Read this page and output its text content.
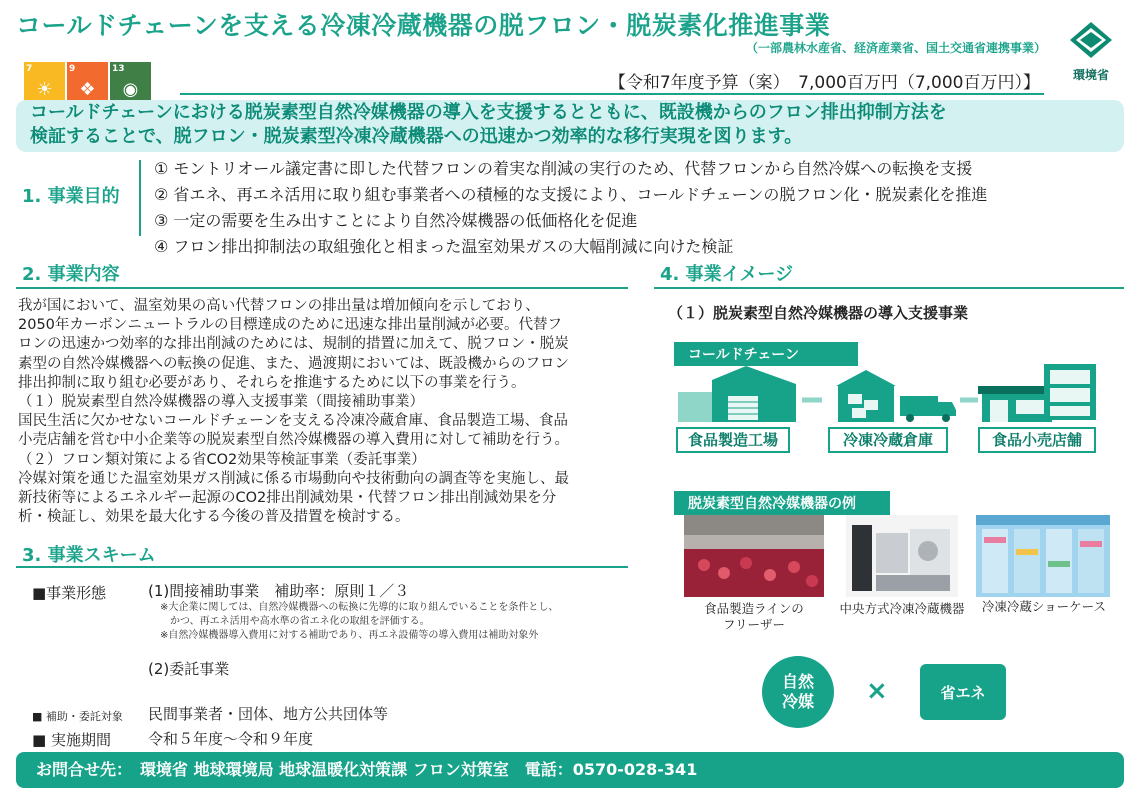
コールドチェーンを支える冷凍冷蔵機器の脱フロン・脱炭素化推進事業
（一部農林水産省、経済産業省、国土交通省連携事業）
環境省
7
☀
9
❖
13
◉	【令和7年度予算（案）　7,000百万円（7,000百万円）】
コールドチェーンにおける脱炭素型自然冷媒機器の導入を支援するとともに、既設機からのフロン排出抑制方法を
検証することで、脱フロン・脱炭素型冷凍冷蔵機器への迅速かつ効率的な移行実現を図ります。
1. 事業目的
① モントリオール議定書に即した代替フロンの着実な削減の実行のため、代替フロンから自然冷媒への転換を支援
② 省エネ、再エネ活用に取り組む事業者への積極的な支援により、コールドチェーンの脱フロン化・脱炭素化を推進
③ 一定の需要を生み出すことにより自然冷媒機器の低価格化を促進
④ フロン排出抑制法の取組強化と相まった温室効果ガスの大幅削減に向けた検証
2. 事業内容
我が国において、温室効果の高い代替フロンの排出量は増加傾向を示しており、
2050年カーボンニュートラルの目標達成のために迅速な排出量削減が必要。代替フ
ロンの迅速かつ効率的な排出削減のためには、規制的措置に加えて、脱フロン・脱炭
素型の自然冷媒機器への転換の促進、また、過渡期においては、既設機からのフロン
排出抑制に取り組む必要があり、それらを推進するために以下の事業を行う。
（１）脱炭素型自然冷媒機器の導入支援事業（間接補助事業）
国民生活に欠かせないコールドチェーンを支える冷凍冷蔵倉庫、食品製造工場、食品
小売店舗を営む中小企業等の脱炭素型自然冷媒機器の導入費用に対して補助を行う。
（２）フロン類対策による省CO2効果等検証事業（委託事業）
冷媒対策を通じた温室効果ガス削減に係る市場動向や技術動向の調査等を実施し、最
新技術等によるエネルギー起源のCO2排出削減効果・代替フロン排出削減効果を分
析・検証し、効果を最大化する今後の普及措置を検討する。
3. 事業スキーム
■事業形態	(1)間接補助事業　補助率：原則１／３
※大企業に関しては、自然冷媒機器への転換に先導的に取り組んでいることを条件とし、
　かつ、再エネ活用や高水準の省エネ化の取組を評価する。
※自然冷媒機器導入費用に対する補助であり、再エネ設備等の導入費用は補助対象外
(2)委託事業
■ 補助・委託対象 民間事業者・団体、地方公共団体等
■ 実施期間 令和５年度～令和９年度
4. 事業イメージ
（１）脱炭素型自然冷媒機器の導入支援事業
コールドチェーン
食品製造工場	冷凍冷蔵倉庫	食品小売店舗
脱炭素型自然冷媒機器の例
食品製造ラインの
フリーザー
中央方式冷凍冷蔵機器	冷凍冷蔵ショーケース
自然
冷媒 ×	省エネ
お問合せ先：　環境省 地球環境局 地球温暖化対策課 フロン対策室　電話：0570-028-341
